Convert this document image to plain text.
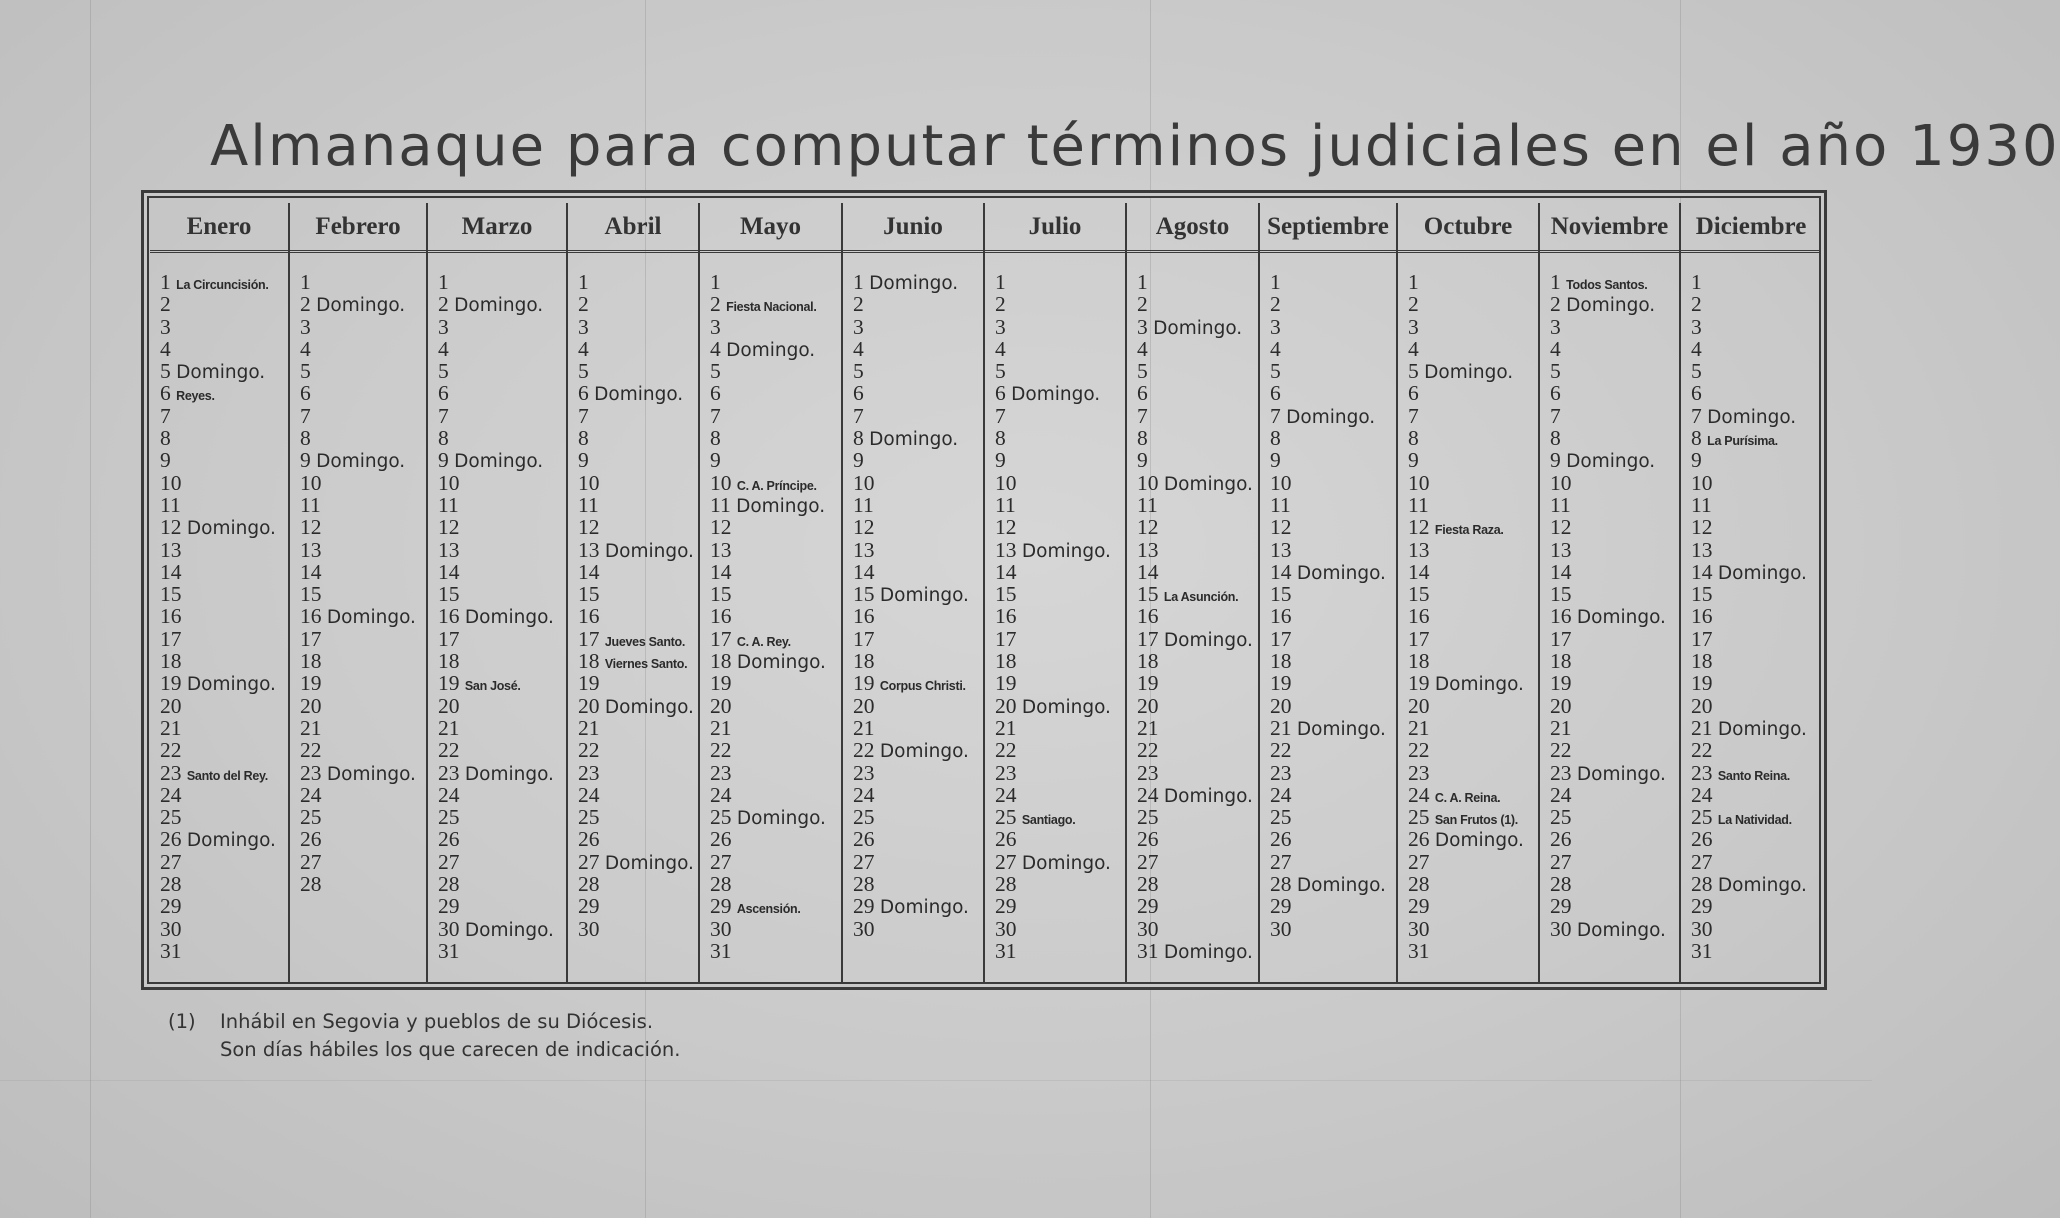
Almanaque para computar términos judiciales en el año 1930
Enero
1 La Circuncisión.
2
3
4
5 Domingo.
6 Reyes.
7
8
9
10
11
12 Domingo.
13
14
15
16
17
18
19 Domingo.
20
21
22
23 Santo del Rey.
24
25
26 Domingo.
27
28
29
30
31
Febrero
1
2 Domingo.
3
4
5
6
7
8
9 Domingo.
10
11
12
13
14
15
16 Domingo.
17
18
19
20
21
22
23 Domingo.
24
25
26
27
28
Marzo
1
2 Domingo.
3
4
5
6
7
8
9 Domingo.
10
11
12
13
14
15
16 Domingo.
17
18
19 San José.
20
21
22
23 Domingo.
24
25
26
27
28
29
30 Domingo.
31
Abril
1
2
3
4
5
6 Domingo.
7
8
9
10
11
12
13 Domingo.
14
15
16
17 Jueves Santo.
18 Viernes Santo.
19
20 Domingo.
21
22
23
24
25
26
27 Domingo.
28
29
30
Mayo
1
2 Fiesta Nacional.
3
4 Domingo.
5
6
7
8
9
10 C. A. Príncipe.
11 Domingo.
12
13
14
15
16
17 C. A. Rey.
18 Domingo.
19
20
21
22
23
24
25 Domingo.
26
27
28
29 Ascensión.
30
31
Junio
1 Domingo.
2
3
4
5
6
7
8 Domingo.
9
10
11
12
13
14
15 Domingo.
16
17
18
19 Corpus Christi.
20
21
22 Domingo.
23
24
25
26
27
28
29 Domingo.
30
Julio
1
2
3
4
5
6 Domingo.
7
8
9
10
11
12
13 Domingo.
14
15
16
17
18
19
20 Domingo.
21
22
23
24
25 Santiago.
26
27 Domingo.
28
29
30
31
Agosto
1
2
3 Domingo.
4
5
6
7
8
9
10 Domingo.
11
12
13
14
15 La Asunción.
16
17 Domingo.
18
19
20
21
22
23
24 Domingo.
25
26
27
28
29
30
31 Domingo.
Septiembre
1
2
3
4
5
6
7 Domingo.
8
9
10
11
12
13
14 Domingo.
15
16
17
18
19
20
21 Domingo.
22
23
24
25
26
27
28 Domingo.
29
30
Octubre
1
2
3
4
5 Domingo.
6
7
8
9
10
11
12 Fiesta Raza.
13
14
15
16
17
18
19 Domingo.
20
21
22
23
24 C. A. Reina.
25 San Frutos (1).
26 Domingo.
27
28
29
30
31
Noviembre
1 Todos Santos.
2 Domingo.
3
4
5
6
7
8
9 Domingo.
10
11
12
13
14
15
16 Domingo.
17
18
19
20
21
22
23 Domingo.
24
25
26
27
28
29
30 Domingo.
Diciembre
1
2
3
4
5
6
7 Domingo.
8 La Purísima.
9
10
11
12
13
14 Domingo.
15
16
17
18
19
20
21 Domingo.
22
23 Santo Reina.
24
25 La Natividad.
26
27
28 Domingo.
29
30
31
(1) Inhábil en Segovia y pueblos de su Diócesis.
Son días hábiles los que carecen de indicación.
